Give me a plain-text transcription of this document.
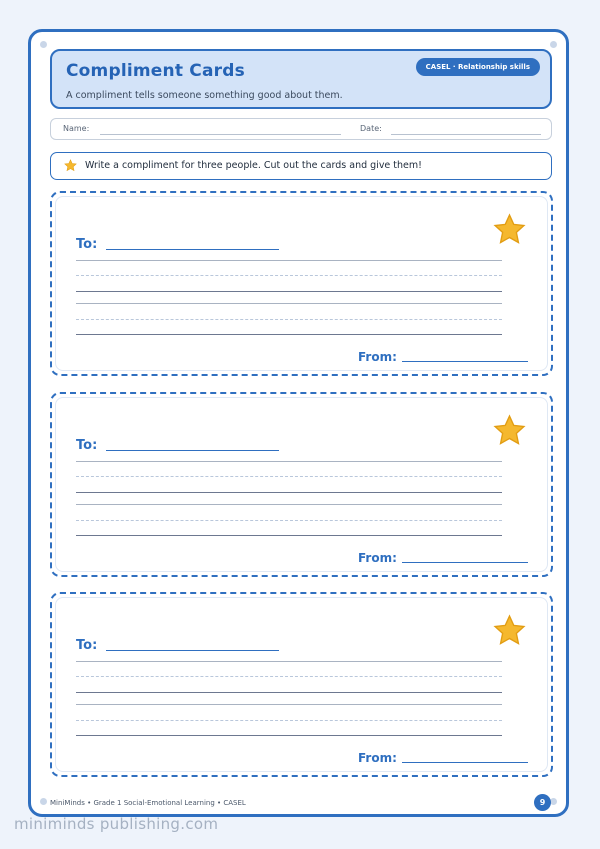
Compliment Cards
A compliment tells someone something good about them.
CASEL · Relationship skills
Name:	Date:
Write a compliment for three people. Cut out the cards and give them!
To:
From:
To:
From:
To:
From:
MiniMinds • Grade 1 Social-Emotional Learning • CASEL	9
miniminds publishing.com
